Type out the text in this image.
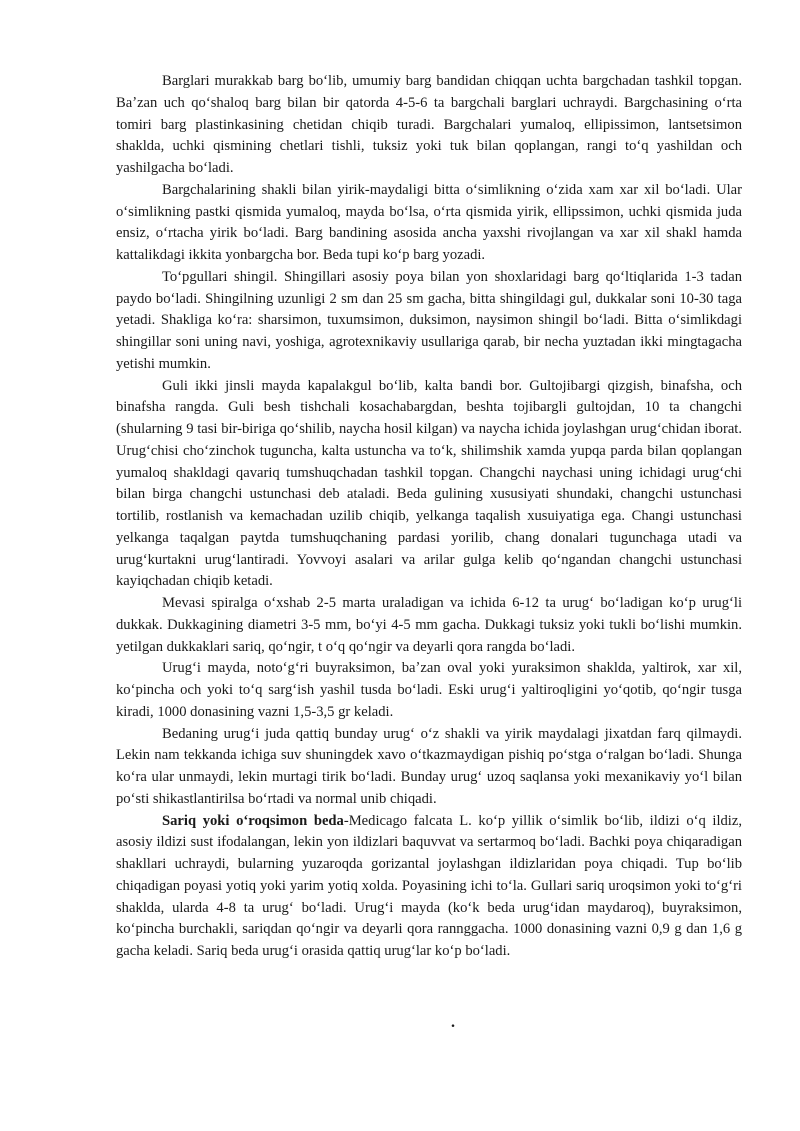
Barglari murakkab barg boʻlib, umumiy barg bandidan chiqqan uchta bargchadan tashkil topgan. Baʼzan uch qoʻshaloq barg bilan bir qatorda 4-5-6 ta bargchali barglari uchraydi. Bargchasining oʻrta tomiri barg plastinkasining chetidan chiqib turadi. Bargchalari yumaloq, ellipissimon, lantsetsimon shaklda, uchki qismining chetlari tishli, tuksiz yoki tuk bilan qoplangan, rangi toʻq yashildan och yashilgacha boʻladi.

Bargchalarining shakli bilan yirik-maydaligi bitta oʻsimlikning oʻzida xam xar xil boʻladi. Ular oʻsimlikning pastki qismida yumaloq, mayda boʻlsa, oʻrta qismida yirik, ellipssimon, uchki qismida juda ensiz, oʻrtacha yirik boʻladi. Barg bandining asosida ancha yaxshi rivojlangan va xar xil shakl hamda kattalikdagi ikkita yonbargcha bor. Beda tupi koʻp barg yozadi.

Toʻpgullari shingil. Shingillari asosiy poya bilan yon shoxlaridagi barg qoʻltiqlarida 1-3 tadan paydo boʻladi. Shingilning uzunligi 2 sm dan 25 sm gacha, bitta shingildagi gul, dukkalar soni 10-30 taga yetadi. Shakliga koʻra: sharsimon, tuxumsimon, duksimon, naysimon shingil boʻladi. Bitta oʻsimlikdagi shingillar soni uning navi, yoshiga, agrotexnikaviy usullariga qarab, bir necha yuztadan ikki mingtagacha yetishi mumkin.

Guli ikki jinsli mayda kapalakgul boʻlib, kalta bandi bor. Gultojibargi qizgish, binafsha, och binafsha rangda. Guli besh tishchali kosachabargdan, beshta tojibargli gultojdan, 10 ta changchi (shularning 9 tasi bir-biriga qoʻshilib, naycha hosil kilgan) va naycha ichida joylashgan urugʻchidan iborat. Urugʻchisi choʻzinchok tuguncha, kalta ustuncha va toʻk, shilimshik xamda yupqa parda bilan qoplangan yumaloq shakldagi qavariq tumshuqchadan tashkil topgan. Changchi naychasi uning ichidagi urugʻchi bilan birga changchi ustunchasi deb ataladi. Beda gulining xususiyati shundaki, changchi ustunchasi tortilib, rostlanish va kemachadan uzilib chiqib, yelkanga taqalish xusuiyatiga ega. Changi ustunchasi yelkanga taqalgan paytda tumshuqchaning pardasi yorilib, chang donalari tugunchaga utadi va urugʻkurtakni urugʻlantiradi. Yovvoyi asalari va arilar gulga kelib qoʻngandan changchi ustunchasi kayiqchadan chiqib ketadi.

Mevasi spiralga oʻxshab 2-5 marta uraladigan va ichida 6-12 ta urugʻ boʻladigan koʻp urugʻli dukkak. Dukkagining diametri 3-5 mm, boʻyi 4-5 mm gacha. Dukkagi tuksiz yoki tukli boʻlishi mumkin. yetilgan dukkaklari sariq, qoʻngir, t oʻq qoʻngir va deyarli qora rangda boʻladi.

Urugʻi mayda, notoʻgʻri buyraksimon, baʼzan oval yoki yuraksimon shaklda, yaltirok, xar xil, koʻpincha och yoki toʻq sargʻish yashil tusda boʻladi. Eski urugʻi yaltiroqligini yoʻqotib, qoʻngir tusga kiradi, 1000 donasining vazni 1,5-3,5 gr keladi.

Bedaning urugʻi juda qattiq bunday urugʻ oʻz shakli va yirik maydalagi jixatdan farq qilmaydi. Lekin nam tekkanda ichiga suv shuningdek xavo oʻtkazmaydigan pishiq poʻstga oʻralgan boʻladi. Shunga koʻra ular unmaydi, lekin murtagi tirik boʻladi. Bunday urugʻ uzoq saqlansa yoki mexanikaviy yoʻl bilan poʻsti shikastlantirilsa boʻrtadi va normal unib chiqadi.

Sariq yoki oʻroqsimon beda-Medicago falcata L. koʻp yillik oʻsimlik boʻlib, ildizi oʻq ildiz, asosiy ildizi sust ifodalangan, lekin yon ildizlari baquvvat va sertarmoq boʻladi. Bachki poya chiqaradigan shakllari uchraydi, bularning yuzaroqda gorizantal joylashgan ildizlaridan poya chiqadi. Tup boʻlib chiqadigan poyasi yotiq yoki yarim yotiq xolda. Poyasining ichi toʻla. Gullari sariq uroqsimon yoki toʻgʻri shaklda, ularda 4-8 ta urugʻ boʻladi. Urugʻi mayda (koʻk beda urugʻidan maydaroq), buyraksimon, koʻpincha burchakli, sariqdan qoʻngir va deyarli qora rannggacha. 1000 donasining vazni 0,9 g dan 1,6 g gacha keladi. Sariq beda urugʻi orasida qattiq urugʻlar koʻp boʻladi.

.
